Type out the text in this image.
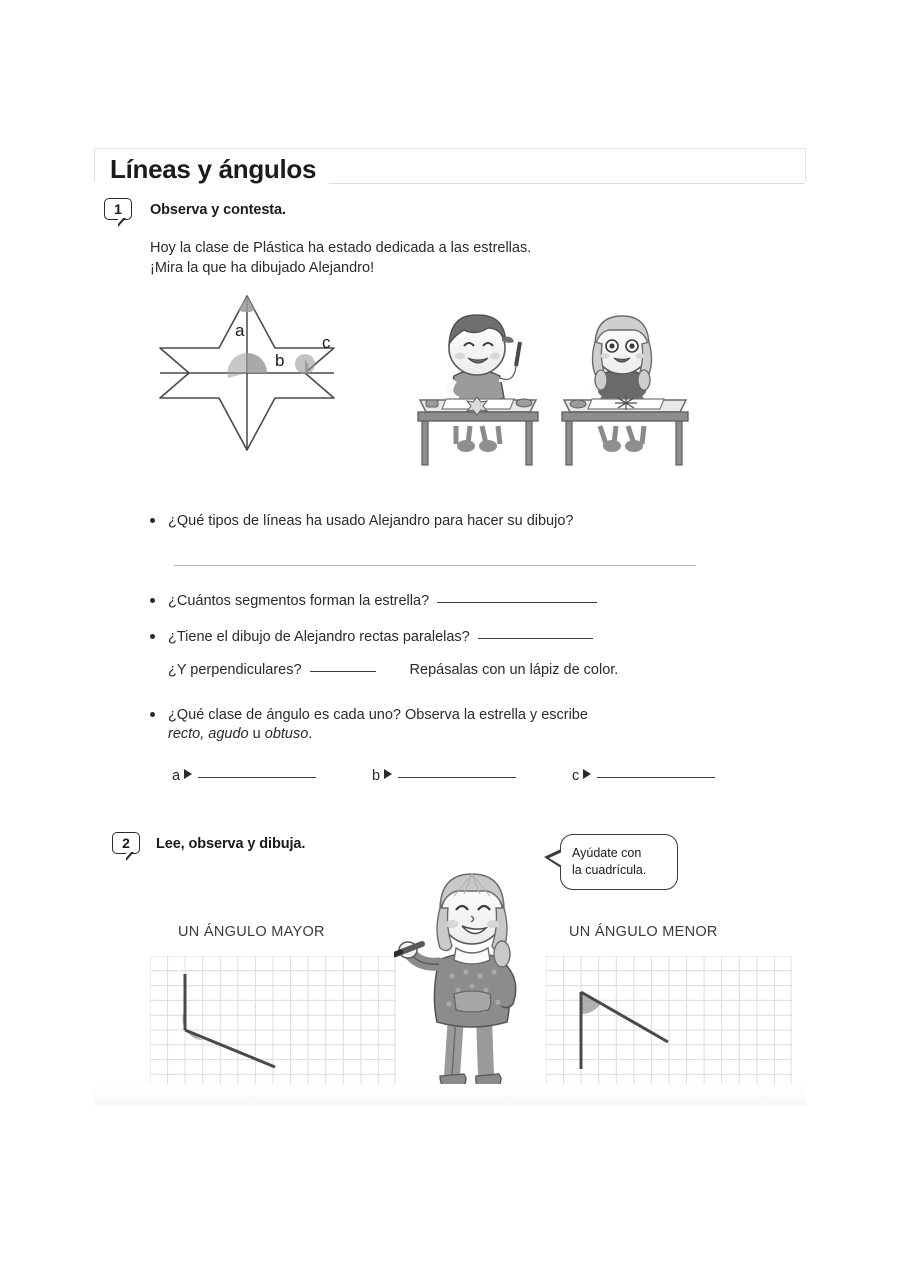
Líneas y ángulos
1	Observa y contesta.
Hoy la clase de Plástica ha estado dedicada a las estrellas.
¡Mira la que ha dibujado Alejandro!
a
b
c
¿Qué tipos de líneas ha usado Alejandro para hacer su dibujo?
¿Cuántos segmentos forman la estrella?
¿Tiene el dibujo de Alejandro rectas paralelas?
¿Y perpendiculares?	Repásalas con un lápiz de color.
¿Qué clase de ángulo es cada uno? Observa la estrella y escribe
recto, agudo u obtuso.
a	b	c
2	Lee, observa y dibuja.
Ayúdate con
la cuadrícula.
UN ÁNGULO MAYOR	UN ÁNGULO MENOR
